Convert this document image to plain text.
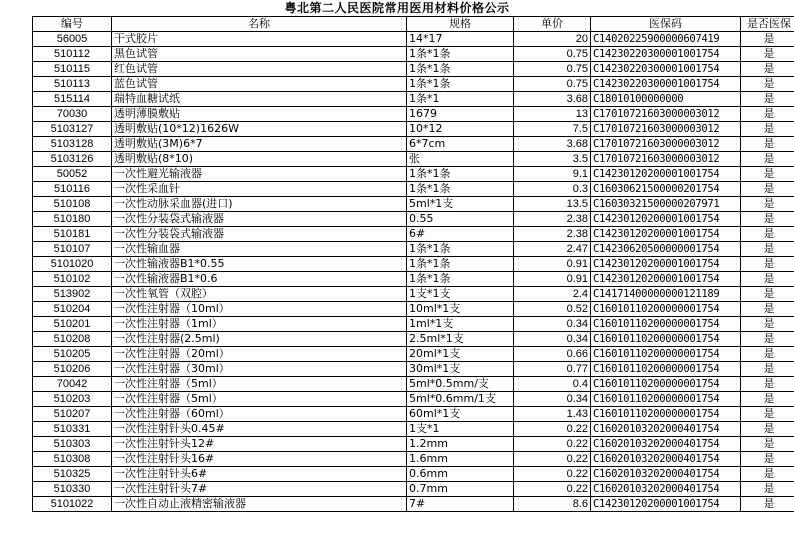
粤北第二人民医院常用医用材料价格公示
编号	名称	规格	单价	医保码	是否医保
56005	干式胶片	14*17	20	C14020225900000607419	是
510112	黑色试管	1条*1条	0.75	C14230220300001001754	是
510115	红色试管	1条*1条	0.75	C14230220300001001754	是
510113	蓝色试管	1条*1条	0.75	C14230220300001001754	是
515114	瑞特血糖试纸	1条*1	3.68	C18010100000000	是
70030	透明薄膜敷贴	1679	13	C17010721603000003012	是
5103127	透明敷贴(10*12)1626W	10*12	7.5	C17010721603000003012	是
5103128	透明敷贴(3M)6*7	6*7cm	3.68	C17010721603000003012	是
5103126	透明敷贴(8*10)	张	3.5	C17010721603000003012	是
50052	一次性避光输液器	1条*1条	9.1	C14230120200001001754	是
510116	一次性采血针	1条*1条	0.3	C16030621500000201754	是
510108	一次性动脉采血器(进口)	5ml*1支	13.5	C16030321500000207971	是
510180	一次性分装袋式输液器	0.55	2.38	C14230120200001001754	是
510181	一次性分装袋式输液器	6#	2.38	C14230120200001001754	是
510107	一次性输血器	1条*1条	2.47	C14230620500000001754	是
5101020	一次性输液器B1*0.55	1条*1条	0.91	C14230120200001001754	是
510102	一次性输液器B1*0.6	1条*1条	0.91	C14230120200001001754	是
513902	一次性氧管（双腔）	1支*1支	2.4	C14171400000000121189	是
510204	一次性注射器（10ml）	10ml*1支	0.52	C16010110200000001754	是
510201	一次性注射器（1ml）	1ml*1支	0.34	C16010110200000001754	是
510208	一次性注射器(2.5ml)	2.5ml*1支	0.34	C16010110200000001754	是
510205	一次性注射器（20ml）	20ml*1支	0.66	C16010110200000001754	是
510206	一次性注射器（30ml）	30ml*1支	0.77	C16010110200000001754	是
70042	一次性注射器（5ml）	5ml*0.5mm/支	0.4	C16010110200000001754	是
510203	一次性注射器（5ml）	5ml*0.6mm/1支	0.34	C16010110200000001754	是
510207	一次性注射器（60ml）	60ml*1支	1.43	C16010110200000001754	是
510331	一次性注射针头0.45#	1支*1	0.22	C16020103202000401754	是
510303	一次性注射针头12#	1.2mm	0.22	C16020103202000401754	是
510308	一次性注射针头16#	1.6mm	0.22	C16020103202000401754	是
510325	一次性注射针头6#	0.6mm	0.22	C16020103202000401754	是
510330	一次性注射针头7#	0.7mm	0.22	C16020103202000401754	是
5101022	一次性自动止液精密输液器	7#	8.6	C14230120200001001754	是
